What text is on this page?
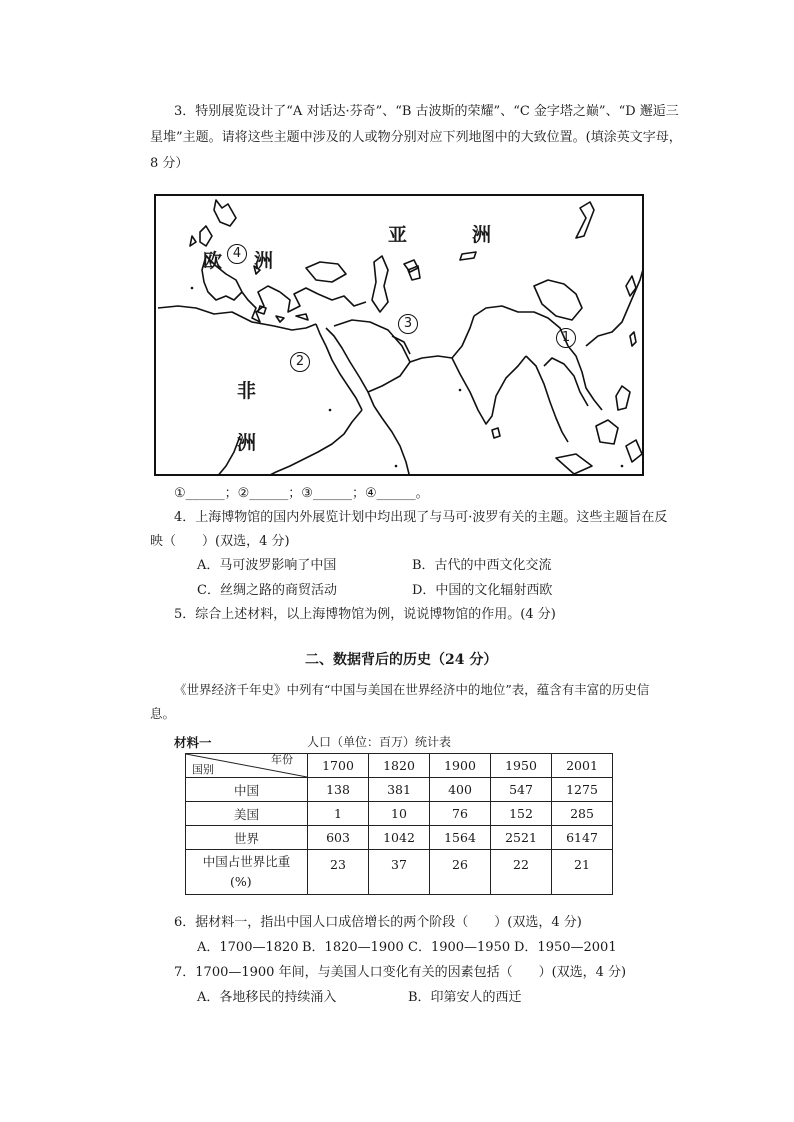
3．特别展览设计了“A 对话达·芬奇”、“B 古波斯的荣耀”、“C 金字塔之巅”、“D 邂逅三
星堆”主题。请将这些主题中涉及的人或物分别对应下列地图中的大致位置。(填涂英文字母，
8 分）
亚	洲
欧 洲
非
洲
1
2
3
4
①______；②______；③______；④______。
4．上海博物馆的国内外展览计划中均出现了与马可·波罗有关的主题。这些主题旨在反
映（　　）(双选，4 分)
A．马可波罗影响了中国	B．古代的中西文化交流
C．丝绸之路的商贸活动	D．中国的文化辐射西欧
5．综合上述材料，以上海博物馆为例，说说博物馆的作用。(4 分)
二、数据背后的历史（24 分）
《世界经济千年史》中列有“中国与美国在世界经济中的地位”表，蕴含有丰富的历史信
息。
材料一	人口（单位：百万）统计表
年份
国别	1700	1820	1900	1950	2001
中国	138	381	400	547	1275
美国	1	10	76	152	285
世界	603	1042	1564	2521	6147

中国占世界比重
(%)	23	37	26	22	21
6．据材料一，指出中国人口成倍增长的两个阶段（　　）(双选，4 分)
A．1700—1820 B．1820—1900 C．1900—1950 D．1950—2001
7．1700—1900 年间，与美国人口变化有关的因素包括（　　）(双选，4 分)
A．各地移民的持续涌入	B．印第安人的西迁
